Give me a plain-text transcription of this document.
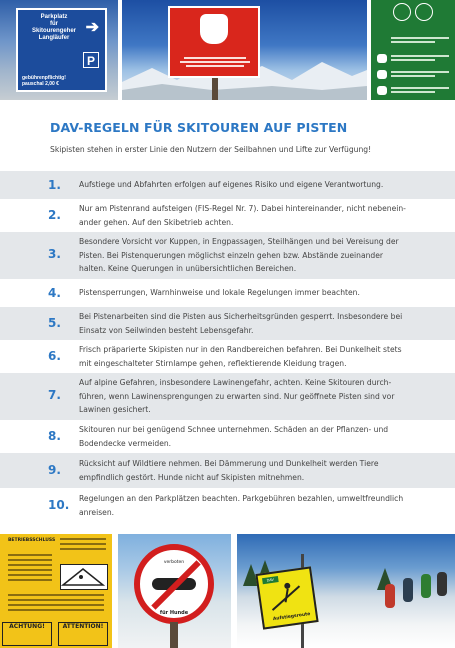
Parkplatz
für
Skitourengeher
Langläufer
➔
P
gebührenpflichtig!
pauschal 2,00 €
DAV-REGELN FÜR SKITOUREN AUF PISTEN
Skipisten stehen in erster Linie den Nutzern der Seilbahnen und Lifte zur Verfügung!
1. Aufstiege und Abfahrten erfolgen auf eigenes Risiko und eigene Verantwortung.
2. Nur am Pistenrand aufsteigen (FIS-Regel Nr. 7). Dabei hintereinander, nicht nebenein-
ander gehen. Auf den Skibetrieb achten.
3.
Besondere Vorsicht vor Kuppen, in Engpassagen, Steilhängen und bei Vereisung der
Pisten. Bei Pistenquerungen möglichst einzeln gehen bzw. Abstände zueinander
halten. Keine Querungen in unübersichtlichen Bereichen.
4. Pistensperrungen, Warnhinweise und lokale Regelungen immer beachten.
5. Bei Pistenarbeiten sind die Pisten aus Sicherheitsgründen gesperrt. Insbesondere bei
Einsatz von Seilwinden besteht Lebensgefahr.
6. Frisch präparierte Skipisten nur in den Randbereichen befahren. Bei Dunkelheit stets
mit eingeschalteter Stirnlampe gehen, reflektierende Kleidung tragen.
7.
Auf alpine Gefahren, insbesondere Lawinengefahr, achten. Keine Skitouren durch-
führen, wenn Lawinensprengungen zu erwarten sind. Nur geöffnete Pisten sind vor
Lawinen gesichert.
8. Skitouren nur bei genügend Schnee unternehmen. Schäden an der Pflanzen- und
Bodendecke vermeiden.
9. Rücksicht auf Wildtiere nehmen. Bei Dämmerung und Dunkelheit werden Tiere
empfindlich gestört. Hunde nicht auf Skipisten mitnehmen.
10. Regelungen an den Parkplätzen beachten. Parkgebühren bezahlen, umweltfreundlich
anreisen.
BETRIEBSSCHLUSS
ACHTUNG!	ATTENTION!
verboten
für Hunde
DAV
Aufstiegsroute
